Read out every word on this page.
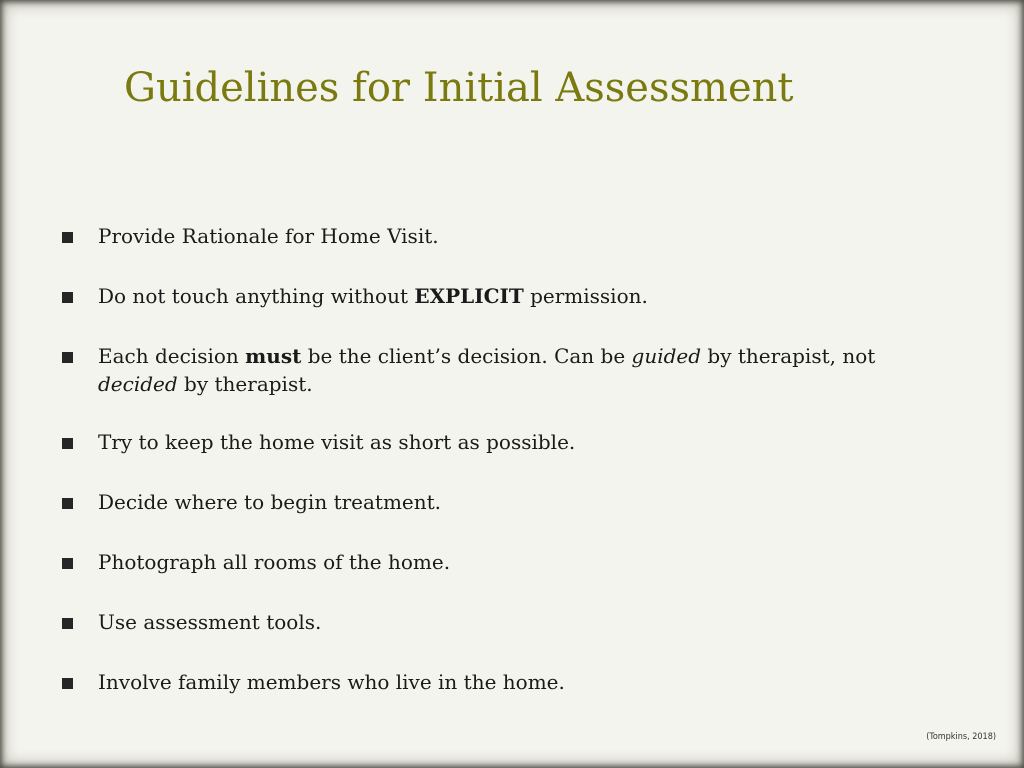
Guidelines for Initial Assessment
Provide Rationale for Home Visit.
Do not touch anything without EXPLICIT permission.
Each decision must be the client’s decision. Can be guided by therapist, not
decided by therapist.
Try to keep the home visit as short as possible.
Decide where to begin treatment.
Photograph all rooms of the home.
Use assessment tools.
Involve family members who live in the home.
(Tompkins, 2018)
